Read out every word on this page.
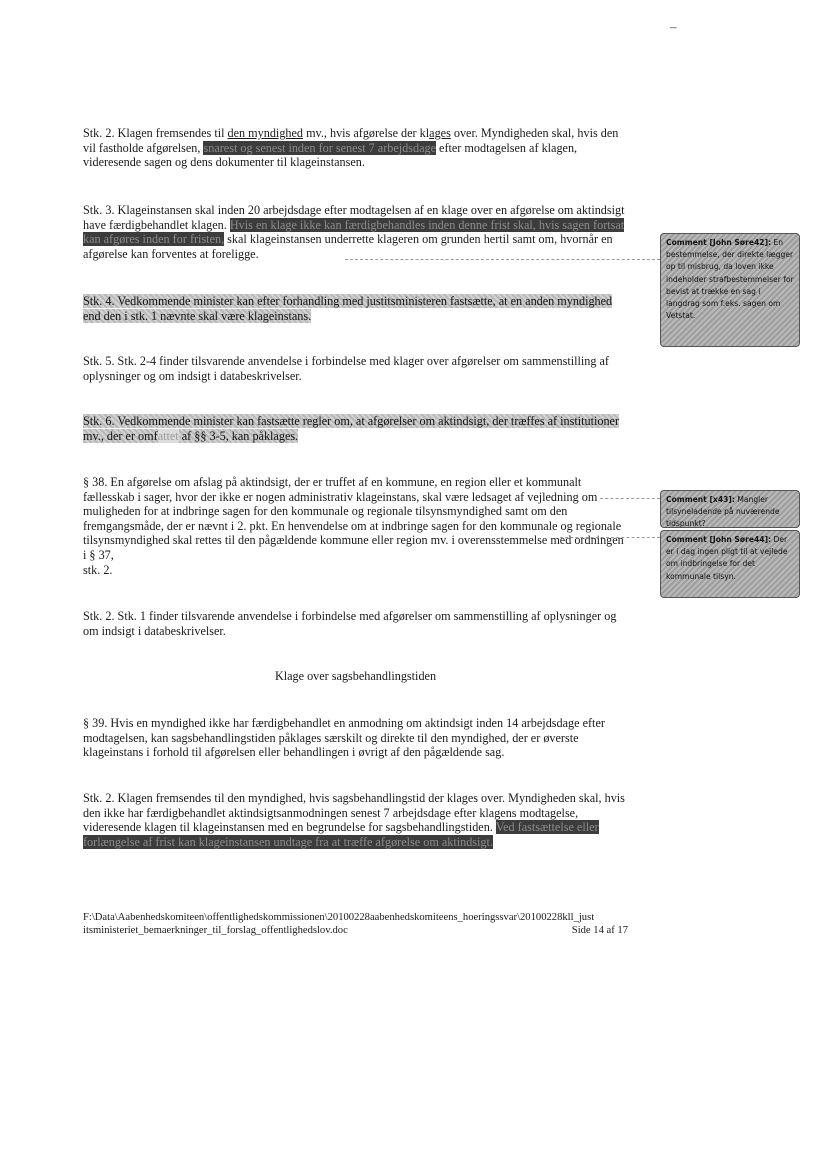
–
Stk. 2. Klagen fremsendes til den myndighed mv., hvis afgørelse der klages over. Myndigheden skal, hvis den vil fastholde afgørelsen, snarest og senest inden for senest 7 arbejdsdage efter modtagelsen af klagen, videresende sagen og dens dokumenter til klageinstansen.
Stk. 3. Klageinstansen skal inden 20 arbejdsdage efter modtagelsen af en klage over en afgørelse om aktindsigt have færdigbehandlet klagen. Hvis en klage ikke kan færdigbehandles inden denne frist skal, hvis sagen fortsat kan afgøres inden for fristen, skal klageinstansen underrette klageren om grunden hertil samt om, hvornår en afgørelse kan forventes at foreligge.
Stk. 4. Vedkommende minister kan efter forhandling med justitsministeren fastsætte, at en anden myndighed end den i stk. 1 nævnte skal være klageinstans.
Stk. 5. Stk. 2-4 finder tilsvarende anvendelse i forbindelse med klager over afgørelser om sammenstilling af oplysninger og om indsigt i databeskrivelser.
Stk. 6. Vedkommende minister kan fastsætte regler om, at afgørelser om aktindsigt, der træffes af institutioner mv., der er omfattet af §§ 3-5, kan påklages.
§ 38. En afgørelse om afslag på aktindsigt, der er truffet af en kommune, en region eller et kommunalt fællesskab i sager, hvor der ikke er nogen administrativ klageinstans, skal være ledsaget af vejledning om muligheden for at indbringe sagen for den kommunale og regionale tilsynsmyndighed samt om den fremgangsmåde, der er nævnt i 2. pkt. En henvendelse om at indbringe sagen for den kommunale og regionale tilsynsmyndighed skal rettes til den pågældende kommune eller region mv. i overensstemmelse med ordningen i § 37,
stk. 2.
Stk. 2. Stk. 1 finder tilsvarende anvendelse i forbindelse med afgørelser om sammenstilling af oplysninger og om indsigt i databeskrivelser.
Klage over sagsbehandlingstiden
§ 39. Hvis en myndighed ikke har færdigbehandlet en anmodning om aktindsigt inden 14 arbejdsdage efter modtagelsen, kan sagsbehandlingstiden påklages særskilt og direkte til den myndighed, der er øverste klageinstans i forhold til afgørelsen eller behandlingen i øvrigt af den pågældende sag.
Stk. 2. Klagen fremsendes til den myndighed, hvis sagsbehandlingstid der klages over. Myndigheden skal, hvis den ikke har færdigbehandlet aktindsigtsanmodningen senest 7 arbejdsdage efter klagens modtagelse, videresende klagen til klageinstansen med en begrundelse for sagsbehandlingstiden. Ved fastsættelse eller forlængelse af frist kan klageinstansen undtage fra at træffe afgørelse om aktindsigt.
F:\Data\Aabenhedskomiteen\offentlighedskommissionen\20100228aabenhedskomiteens_hoeringssvar\20100228kll_just
itsministeriet_bemaerkninger_til_forslag_offentlighedslov.doc	Side 14 af 17
Comment [John Søre42]: En bestemmelse, der direkte lægger op til misbrug, da loven ikke indeholder strafbestemmelser for bevist at trække en sag i langdrag som f.eks. sagen om Vetstat.
Comment [x43]: Mangler tilsyneladende på nuværende tidspunkt?
Comment [John Søre44]: Der er i dag ingen pligt til at vejlede om indbringelse for det kommunale tilsyn.
